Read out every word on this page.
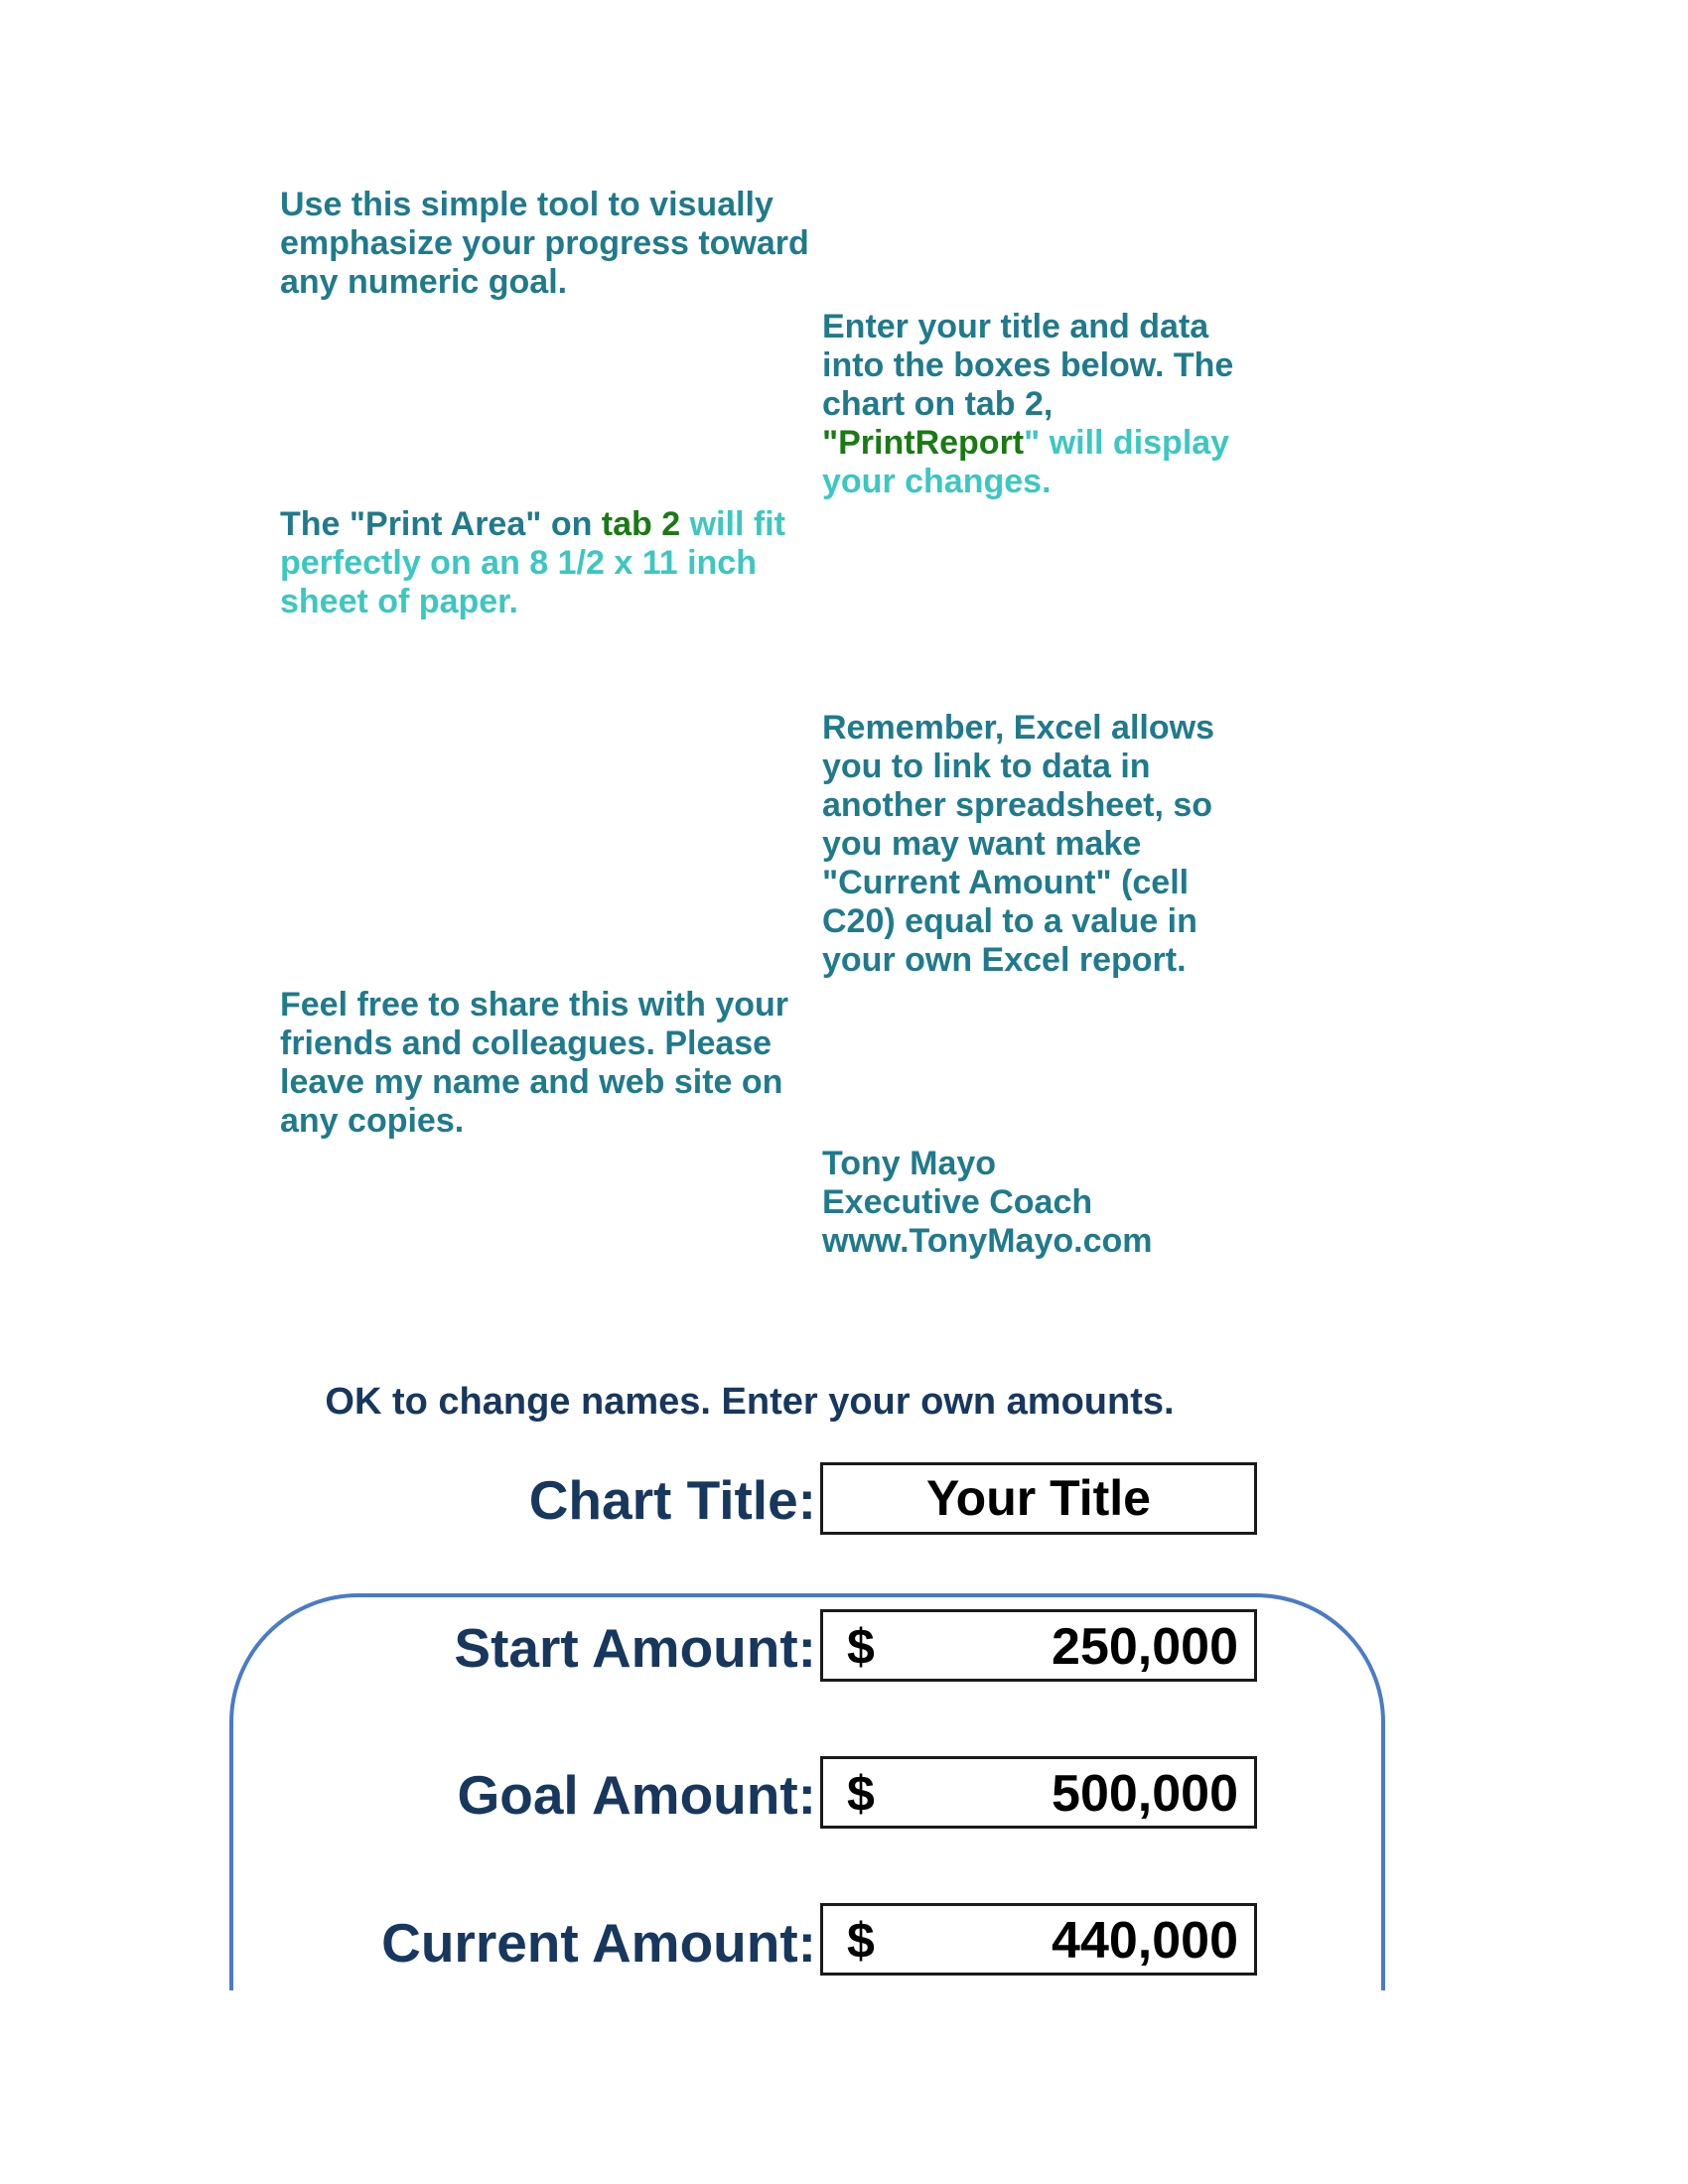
Use this simple tool to visually emphasize your progress toward any numeric goal.

Enter your title and data into the boxes below. The chart on tab 2, "PrintReport" will display your changes.

The "Print Area" on tab 2 will fit perfectly on an 8 1/2 x 11 inch sheet of paper.

Remember, Excel allows you to link to data in another spreadsheet, so you may want make "Current Amount" (cell C20) equal to a value in your own Excel report.

Feel free to share this with your friends and colleagues. Please leave my name and web site on any copies.

Tony Mayo
Executive Coach
www.TonyMayo.com

OK to change names. Enter your own amounts.

Chart Title:	Your Title
Start Amount: $	250,000
Goal Amount: $	500,000
Current Amount: $	440,000
